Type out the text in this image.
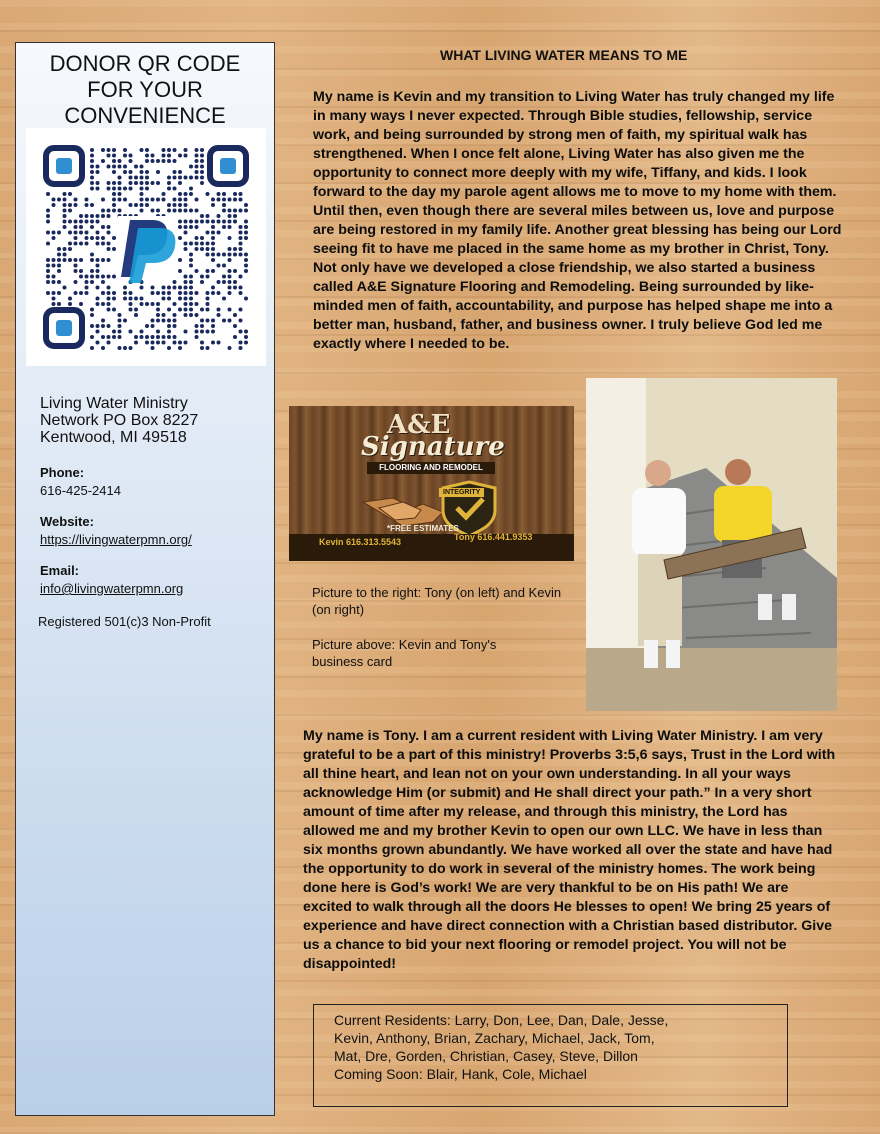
DONOR QR CODE
FOR YOUR
CONVENIENCE
Living Water Ministry
Network PO Box 8227
Kentwood, MI 49518
Phone:
616-425-2414
Website:
https://livingwaterpmn.org/
Email:
info@livingwaterpmn.org
Registered 501(c)3 Non-Profit
WHAT LIVING WATER MEANS TO ME
My name is Kevin and my transition to Living Water has truly changed my life in many ways I never expected. Through Bible studies, fellowship, service work, and being surrounded by strong men of faith, my spiritual walk has strengthened. When I once felt alone, Living Water has also given me the opportunity to connect more deeply with my wife, Tiffany, and kids. I look forward to the day my parole agent allows me to move to my home with them. Until then, even though there are several miles between us, love and purpose are being restored in my family life. Another great blessing has being our Lord seeing fit to have me placed in the same home as my brother in Christ, Tony. Not only have we developed a close friendship, we also started a business called A&E Signature Flooring and Remodeling. Being surrounded by like-minded men of faith, accountability, and purpose has helped shape me into a better man, husband, father, and business owner. I truly believe God led me exactly where I needed to be.
A&E
Signature
FLOORING AND REMODEL
INTEGRITY
*FREE ESTIMATES
Kevin 616.313.5543	Tony 616.441.9353
Picture to the right: Tony (on left) and Kevin (on right)
Picture above: Kevin and Tony's business card
My name is Tony. I am a current resident with Living Water Ministry. I am very grateful to be a part of this ministry! Proverbs 3:5,6 says, Trust in the Lord with all thine heart, and lean not on your own understanding. In all your ways acknowledge Him (or submit) and He shall direct your path.” In a very short amount of time after my release, and through this ministry, the Lord has allowed me and my brother Kevin to open our own LLC. We have in less than six months grown abundantly. We have worked all over the state and have had the opportunity to do work in several of the ministry homes. The work being done here is God’s work! We are very thankful to be on His path! We are excited to walk through all the doors He blesses to open! We bring 25 years of experience and have direct connection with a Christian based distributor. Give us a chance to bid your next flooring or remodel project. You will not be disappointed!
Current Residents: Larry, Don, Lee, Dan, Dale, Jesse,
Kevin, Anthony, Brian, Zachary, Michael, Jack, Tom,
Mat, Dre, Gorden, Christian, Casey, Steve, Dillon
Coming Soon: Blair, Hank, Cole, Michael
